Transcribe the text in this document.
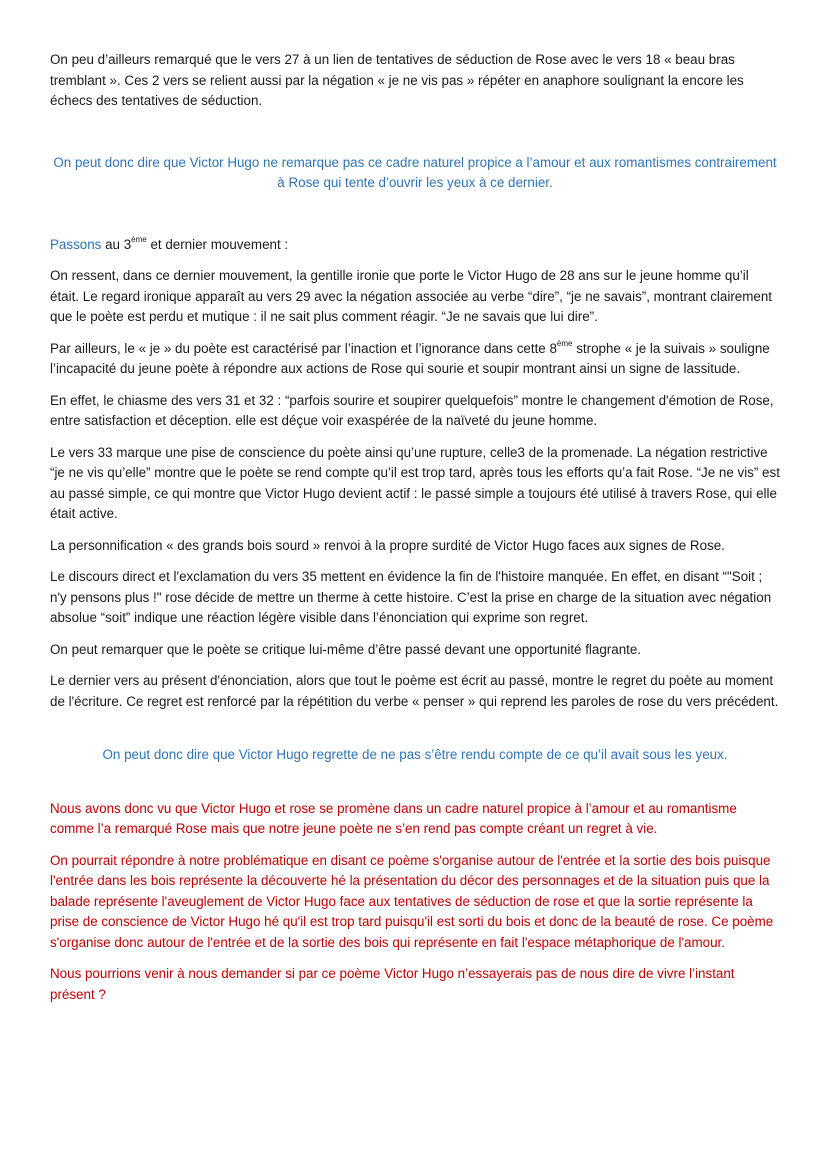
On peu d’ailleurs remarqué que le vers 27 à un lien de tentatives de séduction de Rose avec le vers 18 « beau bras tremblant ». Ces 2 vers se relient aussi par la négation « je ne vis pas » répéter en anaphore soulignant la encore les échecs des tentatives de séduction.

On peut donc dire que Victor Hugo ne remarque pas ce cadre naturel propice a l’amour et aux romantismes contrairement à Rose qui tente d’ouvrir les yeux à ce dernier.

Passons au 3ème et dernier mouvement :

On ressent, dans ce dernier mouvement, la gentille ironie que porte le Victor Hugo de 28 ans sur le jeune homme qu’il était. Le regard ironique apparaît au vers 29 avec la négation associée au verbe “dire”, “je ne savais”, montrant clairement que le poète est perdu et mutique : il ne sait plus comment réagir. “Je ne savais que lui dire”.

Par ailleurs, le « je » du poète est caractérisé par l’inaction et l’ignorance dans cette 8ème strophe « je la suivais » souligne l’incapacité du jeune poète à répondre aux actions de Rose qui sourie et soupir montrant ainsi un signe de lassitude.

En effet, le chiasme des vers 31 et 32 : “parfois sourire et soupirer quelquefois” montre le changement d'émotion de Rose, entre satisfaction et déception. elle est déçue voir exaspérée de la naïveté du jeune homme.

Le vers 33 marque une pise de conscience du poète ainsi qu’une rupture, celle3 de la promenade. La négation restrictive “je ne vis qu’elle” montre que le poète se rend compte qu’il est trop tard, après tous les efforts qu’a fait Rose. “Je ne vis” est au passé simple, ce qui montre que Victor Hugo devient actif : le passé simple a toujours été utilisé à travers Rose, qui elle était active.

La personnification « des grands bois sourd » renvoi à la propre surdité de Victor Hugo faces aux signes de Rose.

Le discours direct et l'exclamation du vers 35 mettent en évidence la fin de l'histoire manquée. En effet, en disant “"Soit ; n'y pensons plus !" rose décide de mettre un therme à cette histoire. C’est la prise en charge de la situation avec négation absolue “soit” indique une réaction légère visible dans l’énonciation qui exprime son regret.

On peut remarquer que le poète se critique lui-même d’être passé devant une opportunité flagrante.

Le dernier vers au présent d'énonciation, alors que tout le poème est écrit au passé, montre le regret du poète au moment de l'écriture. Ce regret est renforcé par la répétition du verbe « penser » qui reprend les paroles de rose du vers précédent.

On peut donc dire que Victor Hugo regrette de ne pas s’être rendu compte de ce qu’il avait sous les yeux.

Nous avons donc vu que Victor Hugo et rose se promène dans un cadre naturel propice à l’amour et au romantisme comme l’a remarqué Rose mais que notre jeune poète ne s’en rend pas compte créant un regret à vie.

On pourrait répondre à notre problématique en disant ce poème s'organise autour de l'entrée et la sortie des bois puisque l'entrée dans les bois représente la découverte hé la présentation du décor des personnages et de la situation puis que la balade représente l'aveuglement de Victor Hugo face aux tentatives de séduction de rose et que la sortie représente la prise de conscience de Victor Hugo hé qu'il est trop tard puisqu'il est sorti du bois et donc de la beauté de rose. Ce poème s'organise donc autour de l'entrée et de la sortie des bois qui représente en fait l'espace métaphorique de l'amour.

Nous pourrions venir à nous demander si par ce poème Victor Hugo n’essayerais pas de nous dire de vivre l’instant présent ?
